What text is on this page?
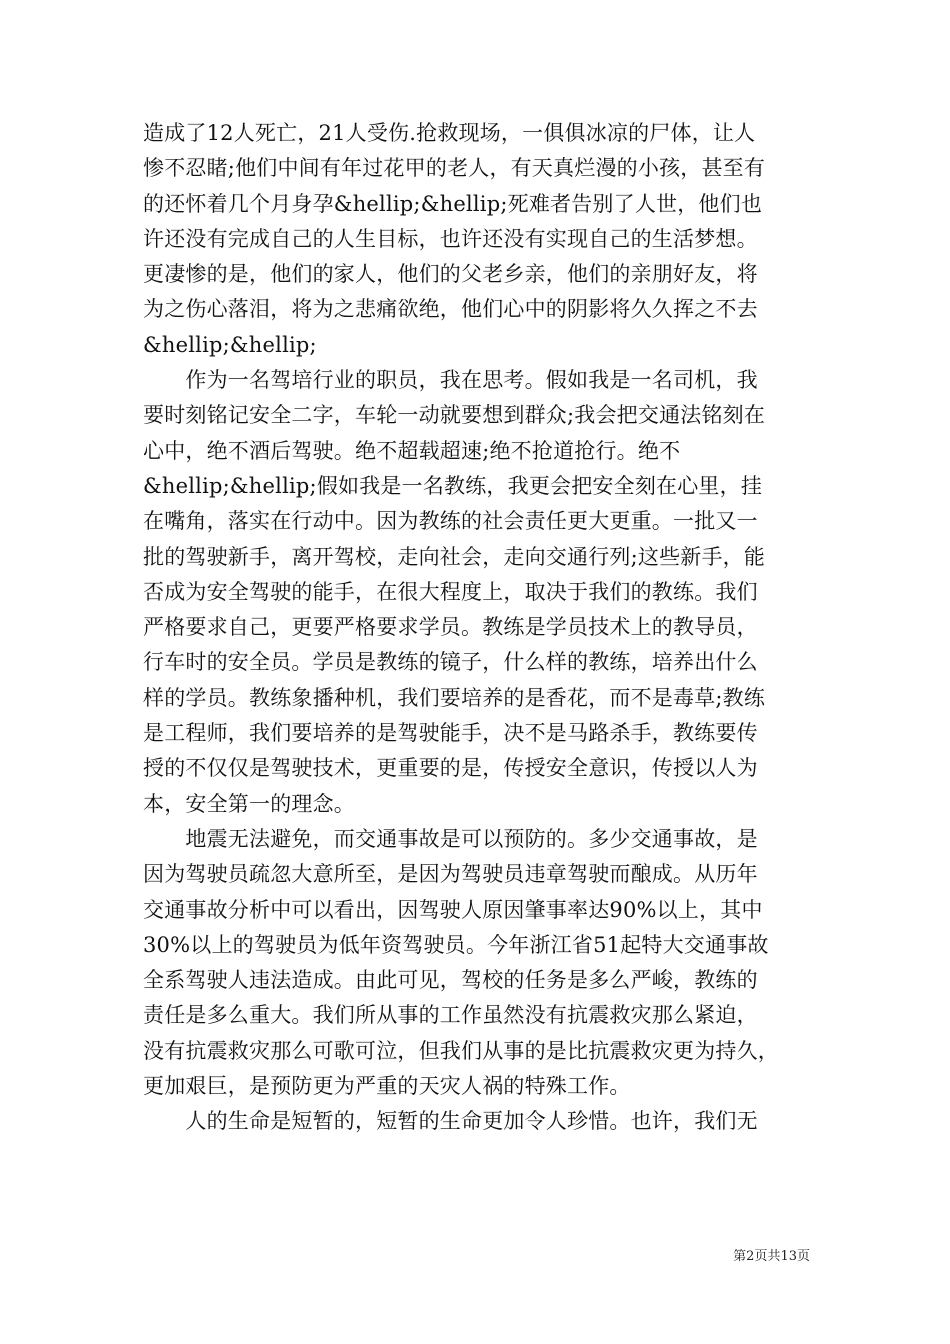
造成了12人死亡，21人受伤.抢救现场，一俱俱冰凉的尸体，让人
惨不忍睹;他们中间有年过花甲的老人，有天真烂漫的小孩，甚至有
的还怀着几个月身孕&hellip;&hellip;死难者告别了人世，他们也
许还没有完成自己的人生目标，也许还没有实现自己的生活梦想。
更凄惨的是，他们的家人，他们的父老乡亲，他们的亲朋好友，将
为之伤心落泪，将为之悲痛欲绝，他们心中的阴影将久久挥之不去
&hellip;&hellip;
　　作为一名驾培行业的职员，我在思考。假如我是一名司机，我
要时刻铭记安全二字，车轮一动就要想到群众;我会把交通法铭刻在
心中，绝不酒后驾驶。绝不超载超速;绝不抢道抢行。绝不
&hellip;&hellip;假如我是一名教练，我更会把安全刻在心里，挂
在嘴角，落实在行动中。因为教练的社会责任更大更重。一批又一
批的驾驶新手，离开驾校，走向社会，走向交通行列;这些新手，能
否成为安全驾驶的能手，在很大程度上，取决于我们的教练。我们
严格要求自己，更要严格要求学员。教练是学员技术上的教导员，
行车时的安全员。学员是教练的镜子，什么样的教练，培养出什么
样的学员。教练象播种机，我们要培养的是香花，而不是毒草;教练
是工程师，我们要培养的是驾驶能手，决不是马路杀手，教练要传
授的不仅仅是驾驶技术，更重要的是，传授安全意识，传授以人为
本，安全第一的理念。
　　地震无法避免，而交通事故是可以预防的。多少交通事故，是
因为驾驶员疏忽大意所至，是因为驾驶员违章驾驶而酿成。从历年
交通事故分析中可以看出，因驾驶人原因肇事率达90%以上，其中
30%以上的驾驶员为低年资驾驶员。今年浙江省51起特大交通事故
全系驾驶人违法造成。由此可见，驾校的任务是多么严峻，教练的
责任是多么重大。我们所从事的工作虽然没有抗震救灾那么紧迫，
没有抗震救灾那么可歌可泣，但我们从事的是比抗震救灾更为持久，
更加艰巨，是预防更为严重的天灾人祸的特殊工作。
　　人的生命是短暂的，短暂的生命更加令人珍惜。也许，我们无
第2页共13页
